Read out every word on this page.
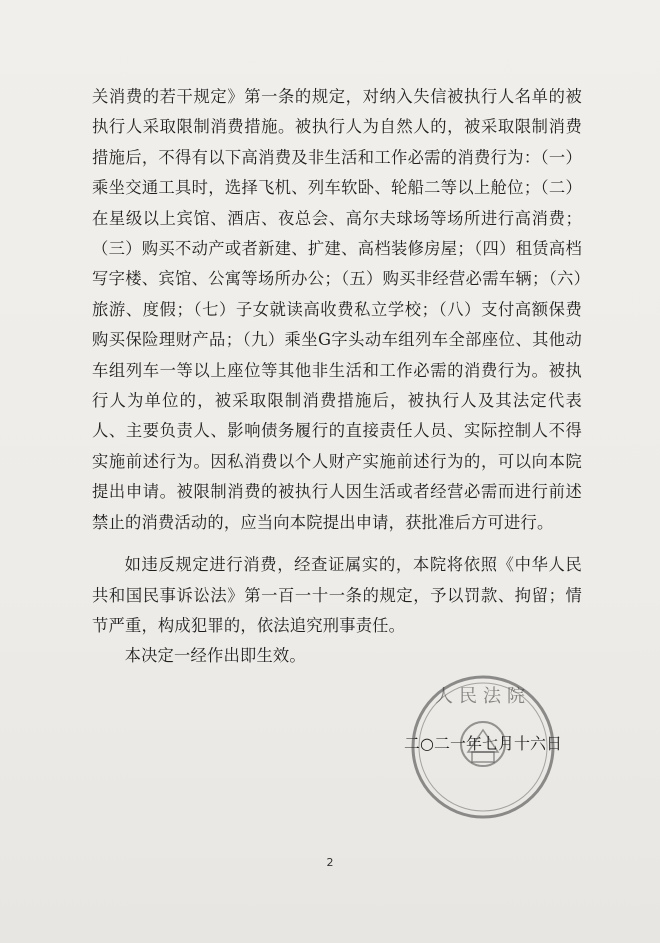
关消费的若干规定》第一条的规定，对纳入失信被执行人名单的被执行人采取限制消费措施。被执行人为自然人的，被采取限制消费措施后，不得有以下高消费及非生活和工作必需的消费行为：（一）乘坐交通工具时，选择飞机、列车软卧、轮船二等以上舱位；（二）在星级以上宾馆、酒店、夜总会、高尔夫球场等场所进行高消费；（三）购买不动产或者新建、扩建、高档装修房屋；（四）租赁高档写字楼、宾馆、公寓等场所办公；（五）购买非经营必需车辆；（六）旅游、度假；（七）子女就读高收费私立学校；（八）支付高额保费购买保险理财产品；（九）乘坐G字头动车组列车全部座位、其他动车组列车一等以上座位等其他非生活和工作必需的消费行为。被执行人为单位的，被采取限制消费措施后，被执行人及其法定代表人、主要负责人、影响债务履行的直接责任人员、实际控制人不得实施前述行为。因私消费以个人财产实施前述行为的，可以向本院提出申请。被限制消费的被执行人因生活或者经营必需而进行前述禁止的消费活动的，应当向本院提出申请，获批准后方可进行。

如违反规定进行消费，经查证属实的，本院将依照《中华人民共和国民事诉讼法》第一百一十一条的规定，予以罚款、拘留；情节严重，构成犯罪的，依法追究刑事责任。

本决定一经作出即生效。

人民法院
二○二一年七月十六日
2
